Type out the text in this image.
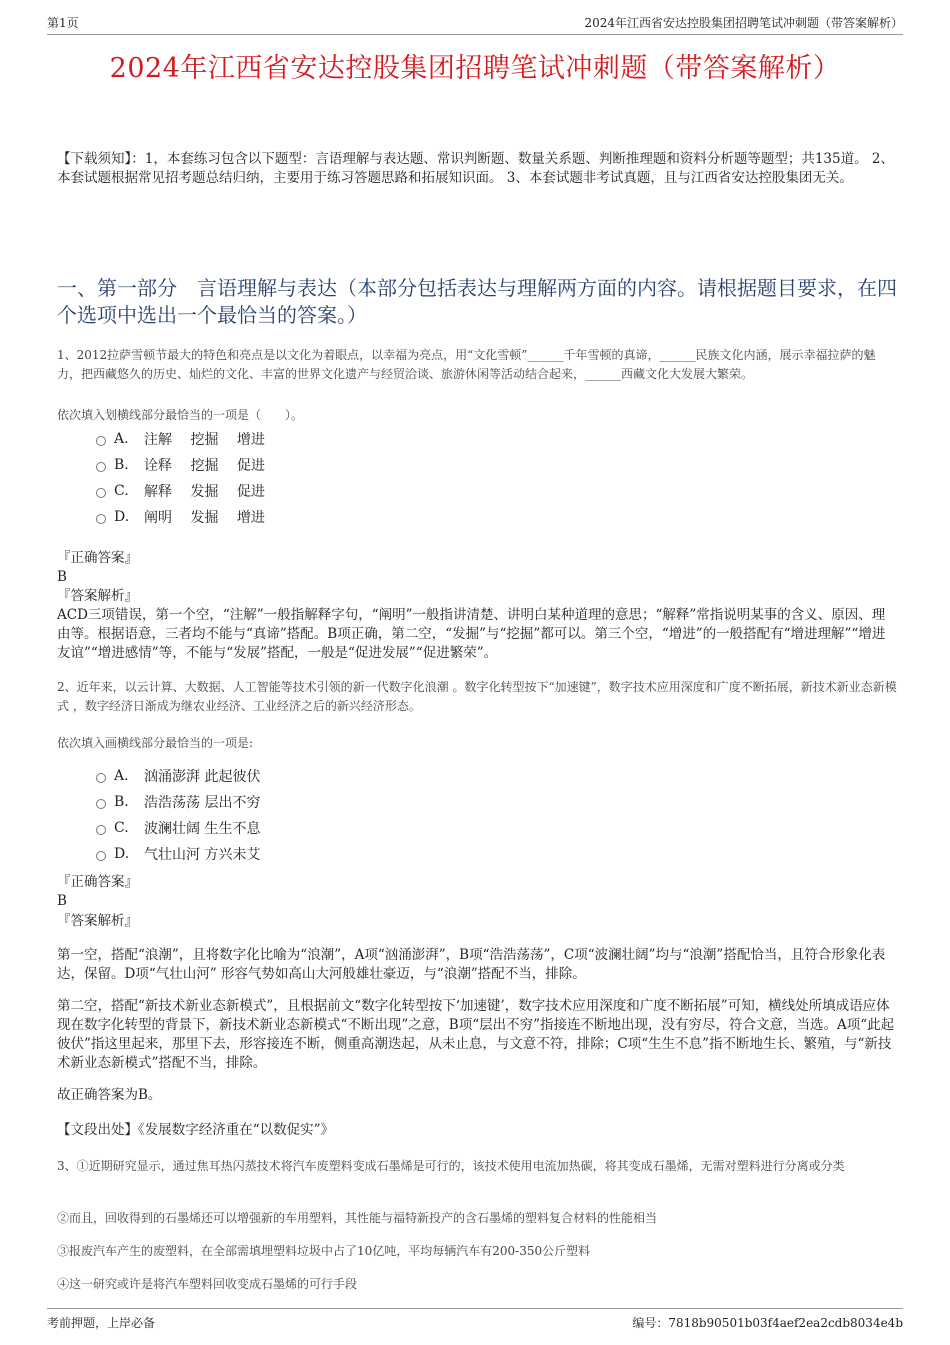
第1页	2024年江西省安达控股集团招聘笔试冲刺题（带答案解析）
2024年江西省安达控股集团招聘笔试冲刺题（带答案解析）
【下载须知】：1，本套练习包含以下题型：言语理解与表达题、常识判断题、数量关系题、判断推理题和资料分析题等题型；共135道。 2、本套试题根据常见招考题总结归纳，主要用于练习答题思路和拓展知识面。 3、本套试题非考试真题，且与江西省安达控股集团无关。
一、第一部分　言语理解与表达（本部分包括表达与理解两方面的内容。请根据题目要求，在四个选项中选出一个最恰当的答案。）
1、2012拉萨雪顿节最大的特色和亮点是以文化为着眼点，以幸福为亮点，用“文化雪顿”______千年雪顿的真谛，______民族文化内涵，展示幸福拉萨的魅力，把西藏悠久的历史、灿烂的文化、丰富的世界文化遗产与经贸洽谈、旅游休闲等活动结合起来，______西藏文化大发展大繁荣。
依次填入划横线部分最恰当的一项是（　　）。
A.	注解　 挖掘　 增进
B.	诠释　 挖掘　 促进
C.	解释　 发掘　 促进
D.	阐明　 发掘　 增进
『正确答案』
B
『答案解析』
ACD三项错误，第一个空，“注解”一般指解释字句，“阐明”一般指讲清楚、讲明白某种道理的意思；“解释”常指说明某事的含义、原因、理由等。根据语意，三者均不能与“真谛”搭配。B项正确，第二空，“发掘”与“挖掘”都可以。第三个空，“增进”的一般搭配有“增进理解”“增进友谊”“增进感情”等，不能与“发展”搭配，一般是“促进发展”“促进繁荣”。
2、近年来，以云计算、大数据、人工智能等技术引领的新一代数字化浪潮 。数字化转型按下“加速键”，数字技术应用深度和广度不断拓展，新技术新业态新模式 ，数字经济日渐成为继农业经济、工业经济之后的新兴经济形态。
依次填入画横线部分最恰当的一项是:
A.	汹涌澎湃 此起彼伏
B.	浩浩荡荡 层出不穷
C.	波澜壮阔 生生不息
D.	气壮山河 方兴未艾
『正确答案』
B
『答案解析』
第一空，搭配“浪潮”，且将数字化比喻为“浪潮”，A项“汹涌澎湃”，B项“浩浩荡荡”，C项“波澜壮阔”均与“浪潮”搭配恰当，且符合形象化表达，保留。D项“气壮山河” 形容气势如高山大河般雄壮豪迈，与“浪潮”搭配不当，排除。
第二空，搭配“新技术新业态新模式”，且根据前文“数字化转型按下‘加速键’，数字技术应用深度和广度不断拓展”可知，横线处所填成语应体现在数字化转型的背景下，新技术新业态新模式“不断出现”之意，B项“层出不穷”指接连不断地出现，没有穷尽，符合文意，当选。A项“此起彼伏”指这里起来，那里下去，形容接连不断，侧重高潮迭起，从未止息，与文意不符，排除；C项“生生不息”指不断地生长、繁殖，与“新技术新业态新模式”搭配不当，排除。
故正确答案为B。
【文段出处】《发展数字经济重在“以数促实”》
3、①近期研究显示，通过焦耳热闪蒸技术将汽车废塑料变成石墨烯是可行的，该技术使用电流加热碳，将其变成石墨烯，无需对塑料进行分离或分类
②而且，回收得到的石墨烯还可以增强新的车用塑料，其性能与福特新投产的含石墨烯的塑料复合材料的性能相当
③报废汽车产生的废塑料，在全部需填埋塑料垃圾中占了10亿吨，平均每辆汽车有200-350公斤塑料
④这一研究或许是将汽车塑料回收变成石墨烯的可行手段
考前押题，上岸必备	编号：7818b90501b03f4aef2ea2cdb8034e4b
